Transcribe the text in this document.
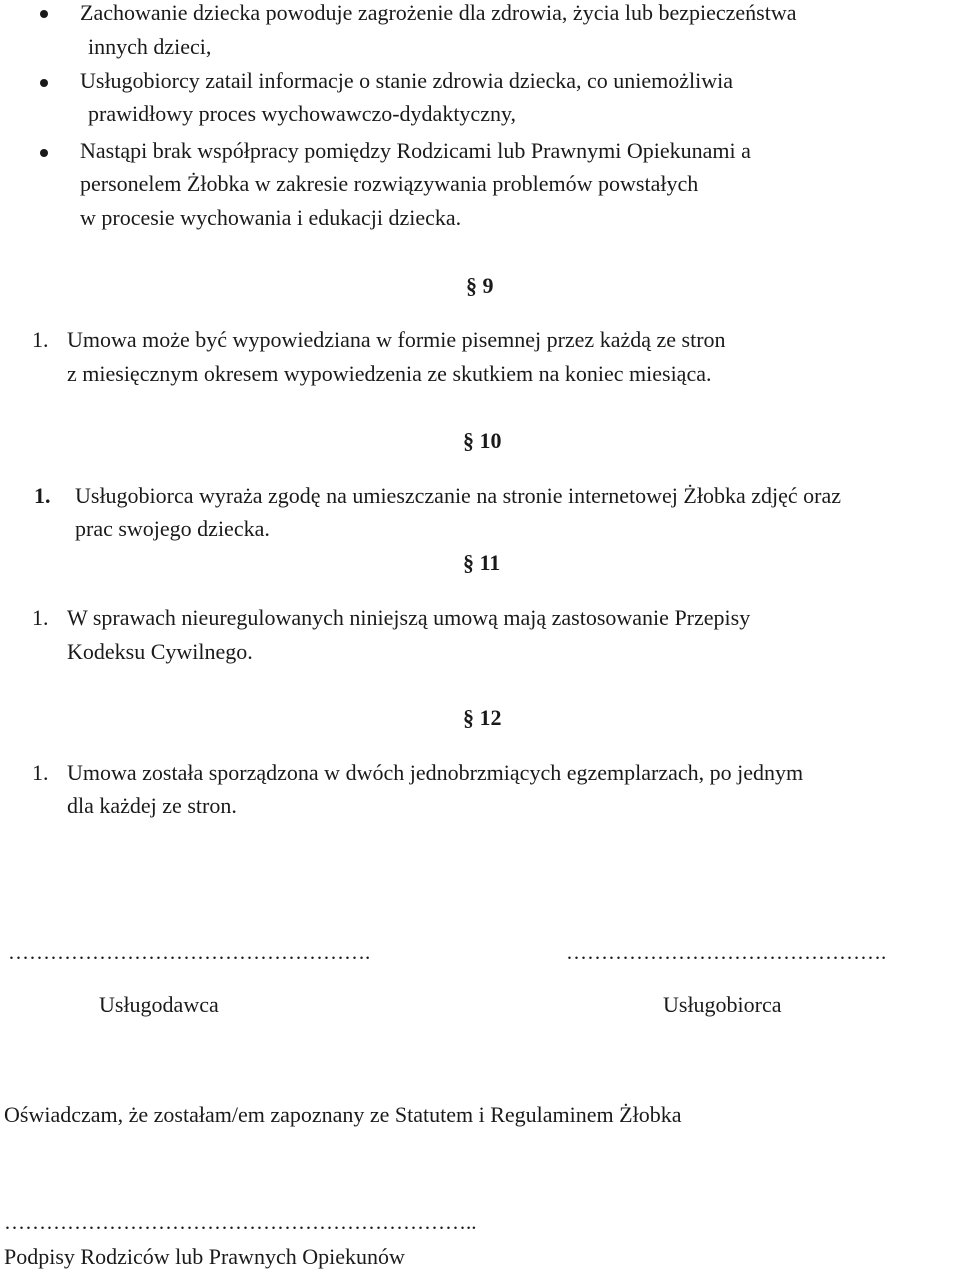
Zachowanie dziecka powoduje zagrożenie dla zdrowia, życia lub bezpieczeństwa
innych dzieci,
Usługobiorcy zatail informacje o stanie zdrowia dziecka, co uniemożliwia
prawidłowy proces wychowawczo-dydaktyczny,
Nastąpi brak współpracy pomiędzy Rodzicami lub Prawnymi Opiekunami a
personelem Żłobka w zakresie rozwiązywania problemów powstałych
w procesie wychowania i edukacji dziecka.
§ 9
1. Umowa może być wypowiedziana w formie pisemnej przez każdą ze stron
z miesięcznym okresem wypowiedzenia ze skutkiem na koniec miesiąca.
§ 10
1. Usługobiorca wyraża zgodę na umieszczanie na stronie internetowej Żłobka zdjęć oraz
prac swojego dziecka.
§ 11
1. W sprawach nieuregulowanych niniejszą umową mają zastosowanie Przepisy
Kodeksu Cywilnego.
§ 12
1. Umowa została sporządzona w dwóch jednobrzmiących egzemplarzach, po jednym
dla każdej ze stron.
…………………………………………….
Usługodawca
……………………………………….
Usługobiorca
Oświadczam, że zostałam/em zapoznany ze Statutem i Regulaminem Żłobka
…………………………………………………………..
Podpisy Rodziców lub Prawnych Opiekunów
